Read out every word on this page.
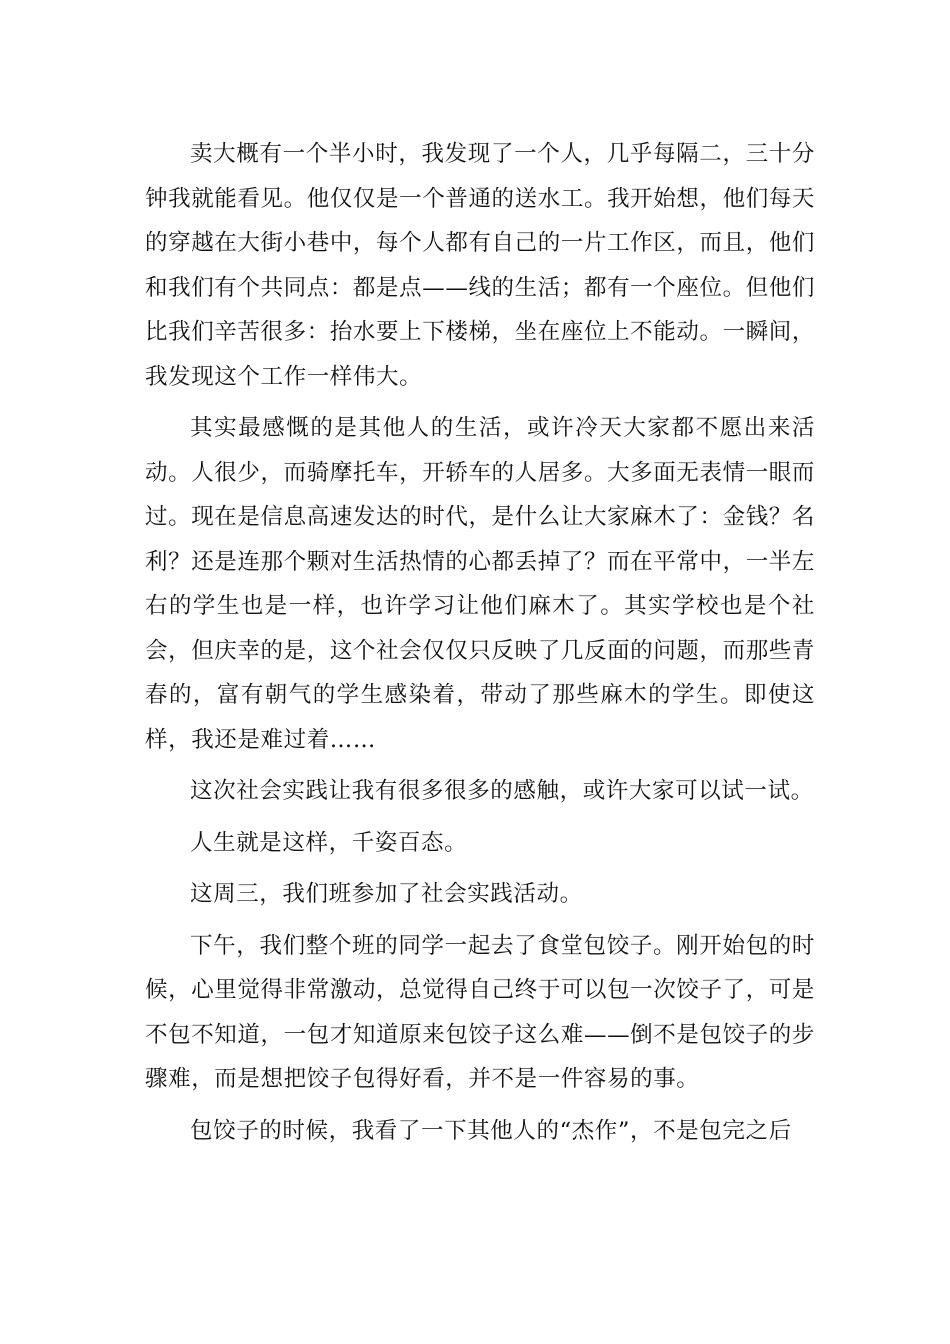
卖大概有一个半小时，我发现了一个人，几乎每隔二，三十分钟我就能看见。他仅仅是一个普通的送水工。我开始想，他们每天的穿越在大街小巷中，每个人都有自己的一片工作区，而且，他们和我们有个共同点：都是点——线的生活；都有一个座位。但他们比我们辛苦很多：抬水要上下楼梯，坐在座位上不能动。一瞬间，我发现这个工作一样伟大。

其实最感慨的是其他人的生活，或许冷天大家都不愿出来活动。人很少，而骑摩托车，开轿车的人居多。大多面无表情一眼而过。现在是信息高速发达的时代，是什么让大家麻木了：金钱？名利？还是连那个颗对生活热情的心都丢掉了？而在平常中，一半左右的学生也是一样，也许学习让他们麻木了。其实学校也是个社会，但庆幸的是，这个社会仅仅只反映了几反面的问题，而那些青春的，富有朝气的学生感染着，带动了那些麻木的学生。即使这样，我还是难过着……

这次社会实践让我有很多很多的感触，或许大家可以试一试。

人生就是这样，千姿百态。

这周三，我们班参加了社会实践活动。

下午，我们整个班的同学一起去了食堂包饺子。刚开始包的时候，心里觉得非常激动，总觉得自己终于可以包一次饺子了，可是不包不知道，一包才知道原来包饺子这么难——倒不是包饺子的步骤难，而是想把饺子包得好看，并不是一件容易的事。

包饺子的时候，我看了一下其他人的“杰作”，不是包完之后
